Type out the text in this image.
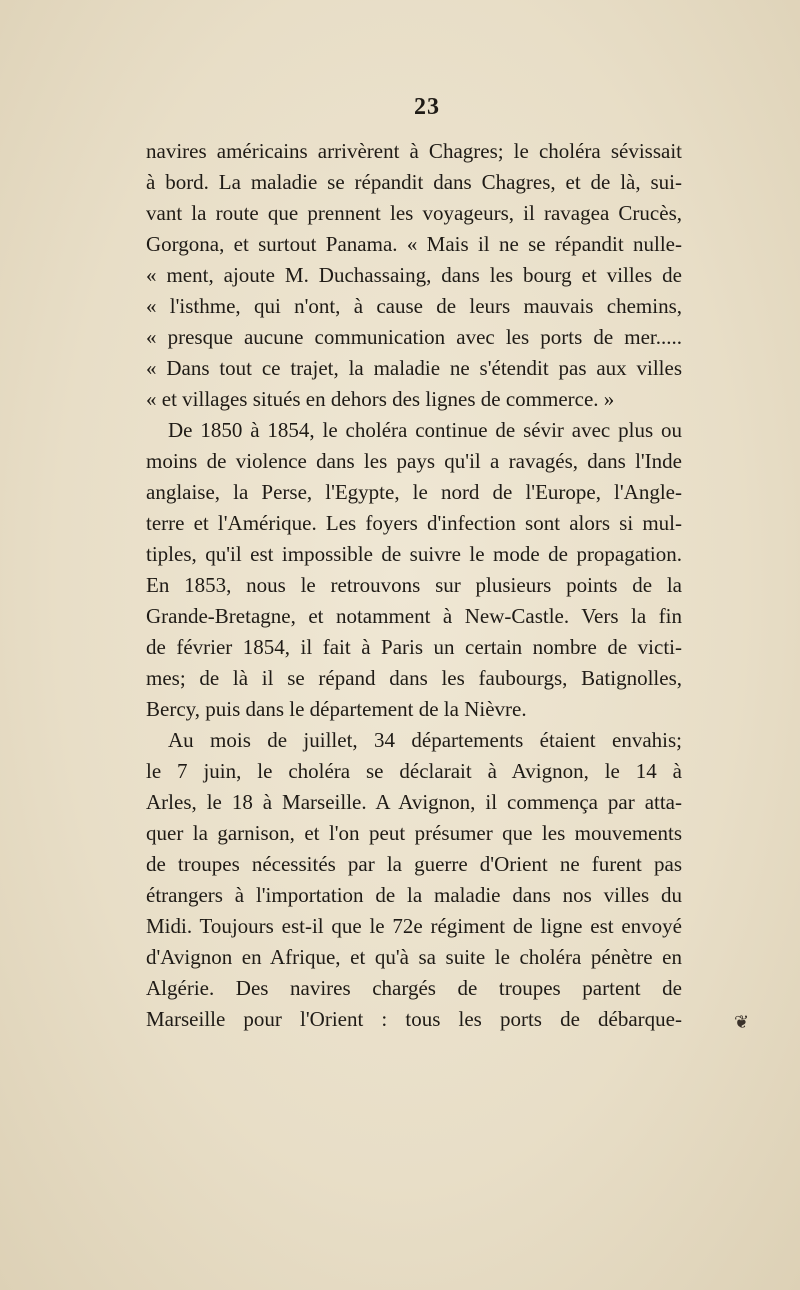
23
navires américains arrivèrent à Chagres; le choléra sévissait
à bord. La maladie se répandit dans Chagres, et de là, sui-
vant la route que prennent les voyageurs, il ravagea Crucès,
Gorgona, et surtout Panama. « Mais il ne se répandit nulle-
« ment, ajoute M. Duchassaing, dans les bourg et villes de
« l'isthme, qui n'ont, à cause de leurs mauvais chemins,
« presque aucune communication avec les ports de mer.....
« Dans tout ce trajet, la maladie ne s'étendit pas aux villes
« et villages situés en dehors des lignes de commerce. »
De 1850 à 1854, le choléra continue de sévir avec plus ou
moins de violence dans les pays qu'il a ravagés, dans l'Inde
anglaise, la Perse, l'Egypte, le nord de l'Europe, l'Angle-
terre et l'Amérique. Les foyers d'infection sont alors si mul-
tiples, qu'il est impossible de suivre le mode de propagation.
En 1853, nous le retrouvons sur plusieurs points de la
Grande-Bretagne, et notamment à New-Castle. Vers la fin
de février 1854, il fait à Paris un certain nombre de victi-
mes; de là il se répand dans les faubourgs, Batignolles,
Bercy, puis dans le département de la Nièvre.
Au mois de juillet, 34 départements étaient envahis;
le 7 juin, le choléra se déclarait à Avignon, le 14 à
Arles, le 18 à Marseille. A Avignon, il commença par atta-
quer la garnison, et l'on peut présumer que les mouvements
de troupes nécessités par la guerre d'Orient ne furent pas
étrangers à l'importation de la maladie dans nos villes du
Midi. Toujours est-il que le 72e régiment de ligne est envoyé
d'Avignon en Afrique, et qu'à sa suite le choléra pénètre en
Algérie. Des navires chargés de troupes partent de
Marseille pour l'Orient : tous les ports de débarque-	❦
